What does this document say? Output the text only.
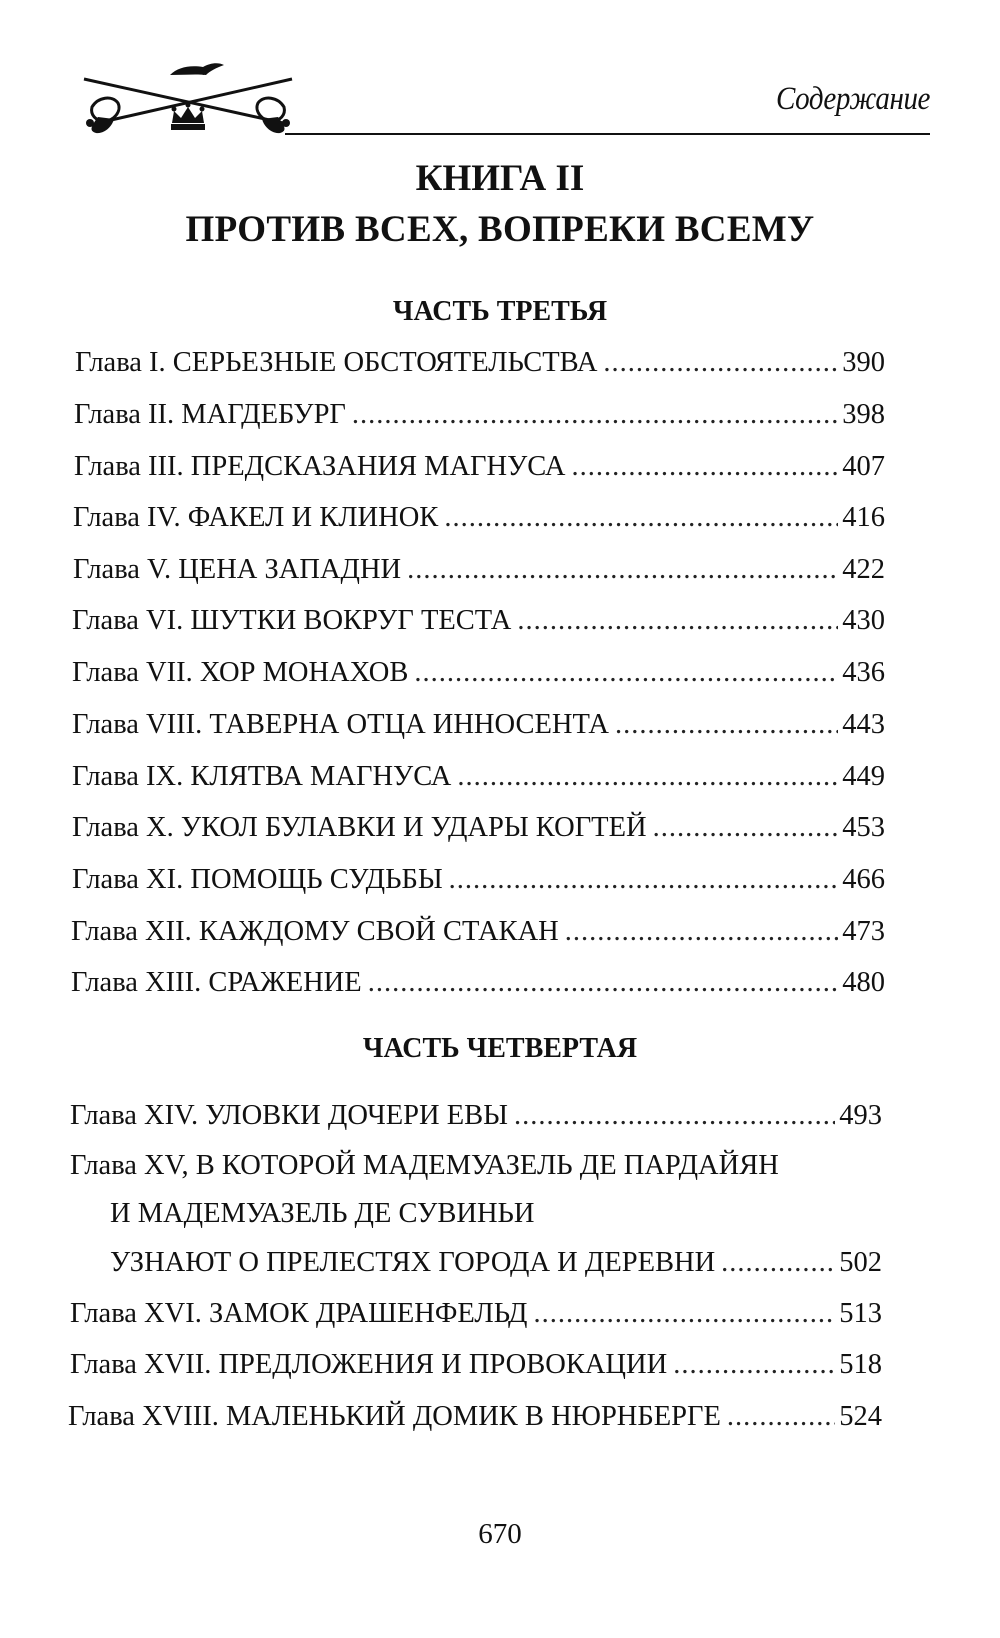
Содержание
КНИГА II
ПРОТИВ ВСЕХ, ВОПРЕКИ ВСЕМУ
ЧАСТЬ ТРЕТЬЯ
Глава I. СЕРЬЕЗНЫЕ ОБСТОЯТЕЛЬСТВА .....	390
Глава II. МАГДЕБУРГ .....	398
Глава III. ПРЕДСКАЗАНИЯ МАГНУСА .....	407
Глава IV. ФАКЕЛ И КЛИНОК .....	416
Глава V. ЦЕНА ЗАПАДНИ .....	422
Глава VI. ШУТКИ ВОКРУГ ТЕСТА .....	430
Глава VII. ХОР МОНАХОВ .....	436
Глава VIII. ТАВЕРНА ОТЦА ИННОСЕНТА .....	443
Глава IX. КЛЯТВА МАГНУСА .....	449
Глава X. УКОЛ БУЛАВКИ И УДАРЫ КОГТЕЙ .....	453
Глава XI. ПОМОЩЬ СУДЬБЫ .....	466
Глава XII. КАЖДОМУ СВОЙ СТАКАН .....	473
Глава XIII. СРАЖЕНИЕ .....	480
ЧАСТЬ ЧЕТВЕРТАЯ
Глава XIV. УЛОВКИ ДОЧЕРИ ЕВЫ .....	493
Глава XV, В КОТОРОЙ МАДЕМУАЗЕЛЬ ДЕ ПАРДАЙЯН
И МАДЕМУАЗЕЛЬ ДЕ СУВИНЬИ
УЗНАЮТ О ПРЕЛЕСТЯХ ГОРОДА И ДЕРЕВНИ .....	502
Глава XVI. ЗАМОК ДРАШЕНФЕЛЬД .....	513
Глава XVII. ПРЕДЛОЖЕНИЯ И ПРОВОКАЦИИ .....	518
Глава XVIII. МАЛЕНЬКИЙ ДОМИК В НЮРНБЕРГЕ .....	524
670
